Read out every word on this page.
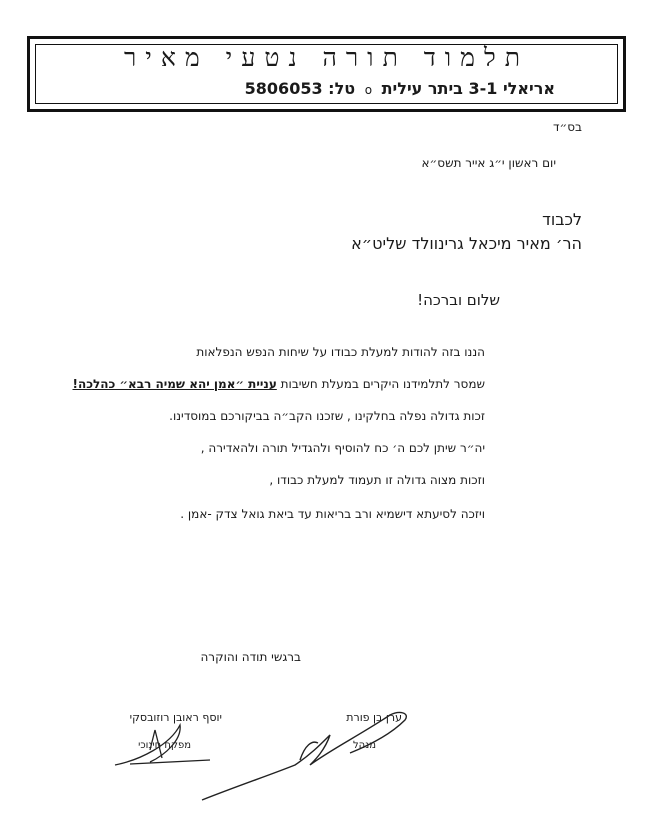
תלמוד תורה נטעי מאיר
אריאלי 3-1 ביתר עילית o טל: 5806053
בס״ד
יום ראשון י״ג אייר תשס״א
לכבוד
הר׳ מאיר מיכאל גרינוולד שליט״א
שלום וברכה!
הננו בזה להודות למעלת כבודו על שיחות הנפש הנפלאות
שמסר לתלמידנו היקרים במעלת חשיבות עניית ״אמן יהא שמיה רבא״ כהלכה!
זכות גדולה נפלה בחלקינו , שזכנו הקב״ה בביקורכם במוסדינו.
יה״ר שיתן לכם ה׳ כח להוסיף ולהגדיל תורה ולהאדירה ,
וזכות מצוה גדולה זו תעמוד למעלת כבודו ,
ויזכה לסיעתא דישמיא ורב בריאות עד ביאת גואל צדק -אמן .
ברגשי תודה והוקרה
יוסף ראובן רוזובסקי
מפקח חינוכי
ערן בן פורת
מנהל
